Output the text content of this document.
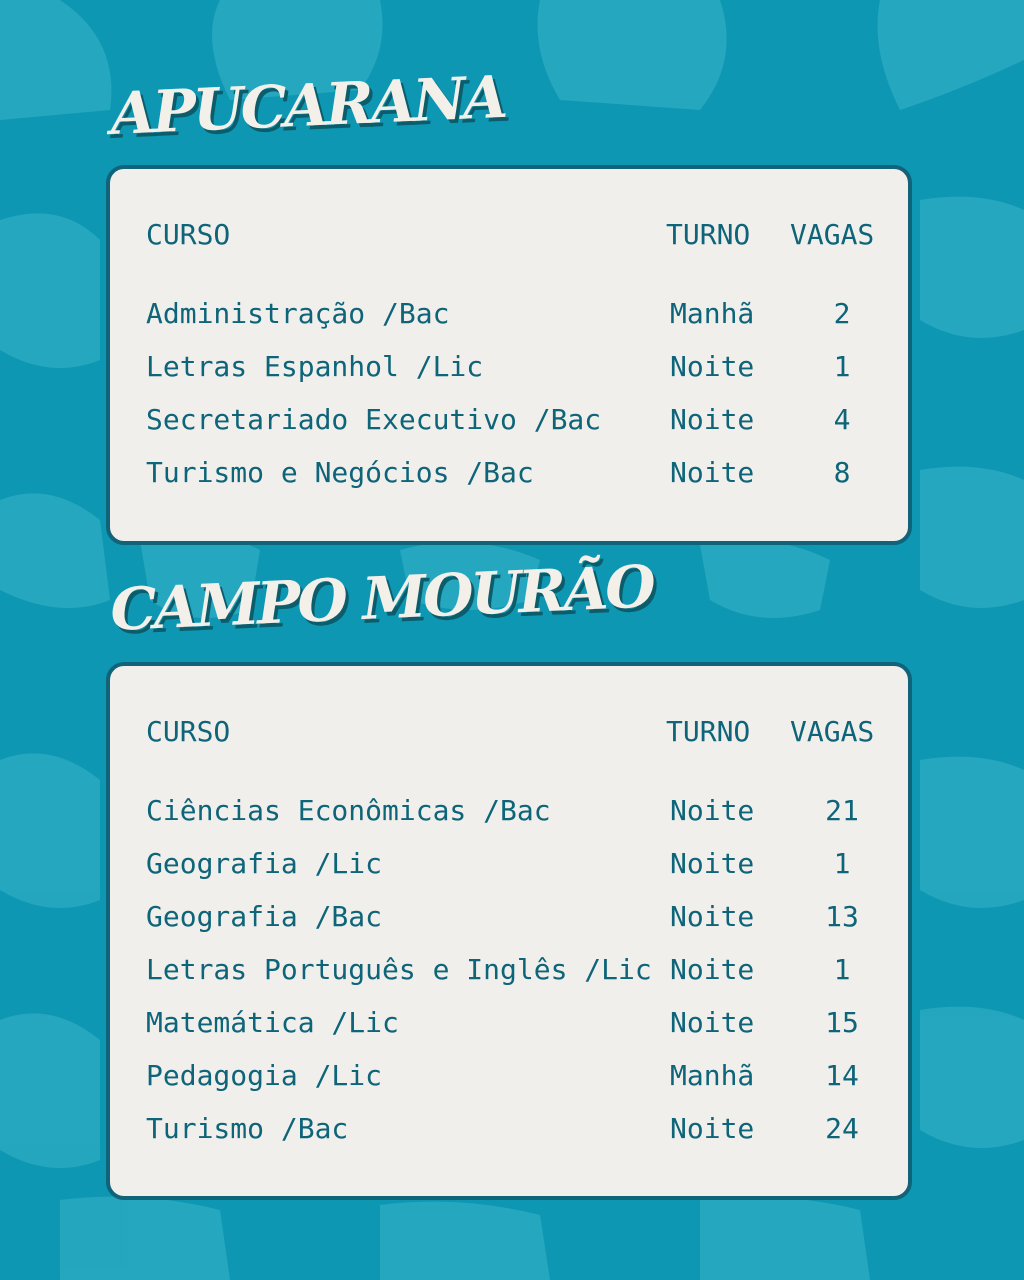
APUCARANA
CURSO	TURNO VAGAS
Administração /Bac	Manhã	2
Letras Espanhol /Lic	Noite	1
Secretariado Executivo /Bac Noite	4
Turismo e Negócios /Bac	Noite	8
CAMPO MOURÃO
CURSO	TURNO VAGAS
Ciências Econômicas /Bac	Noite	21
Geografia /Lic	Noite	1
Geografia /Bac	Noite	13
Letras Português e Inglês /Lic Noite	1
Matemática /Lic	Noite	15
Pedagogia /Lic	Manhã	14
Turismo /Bac	Noite	24
